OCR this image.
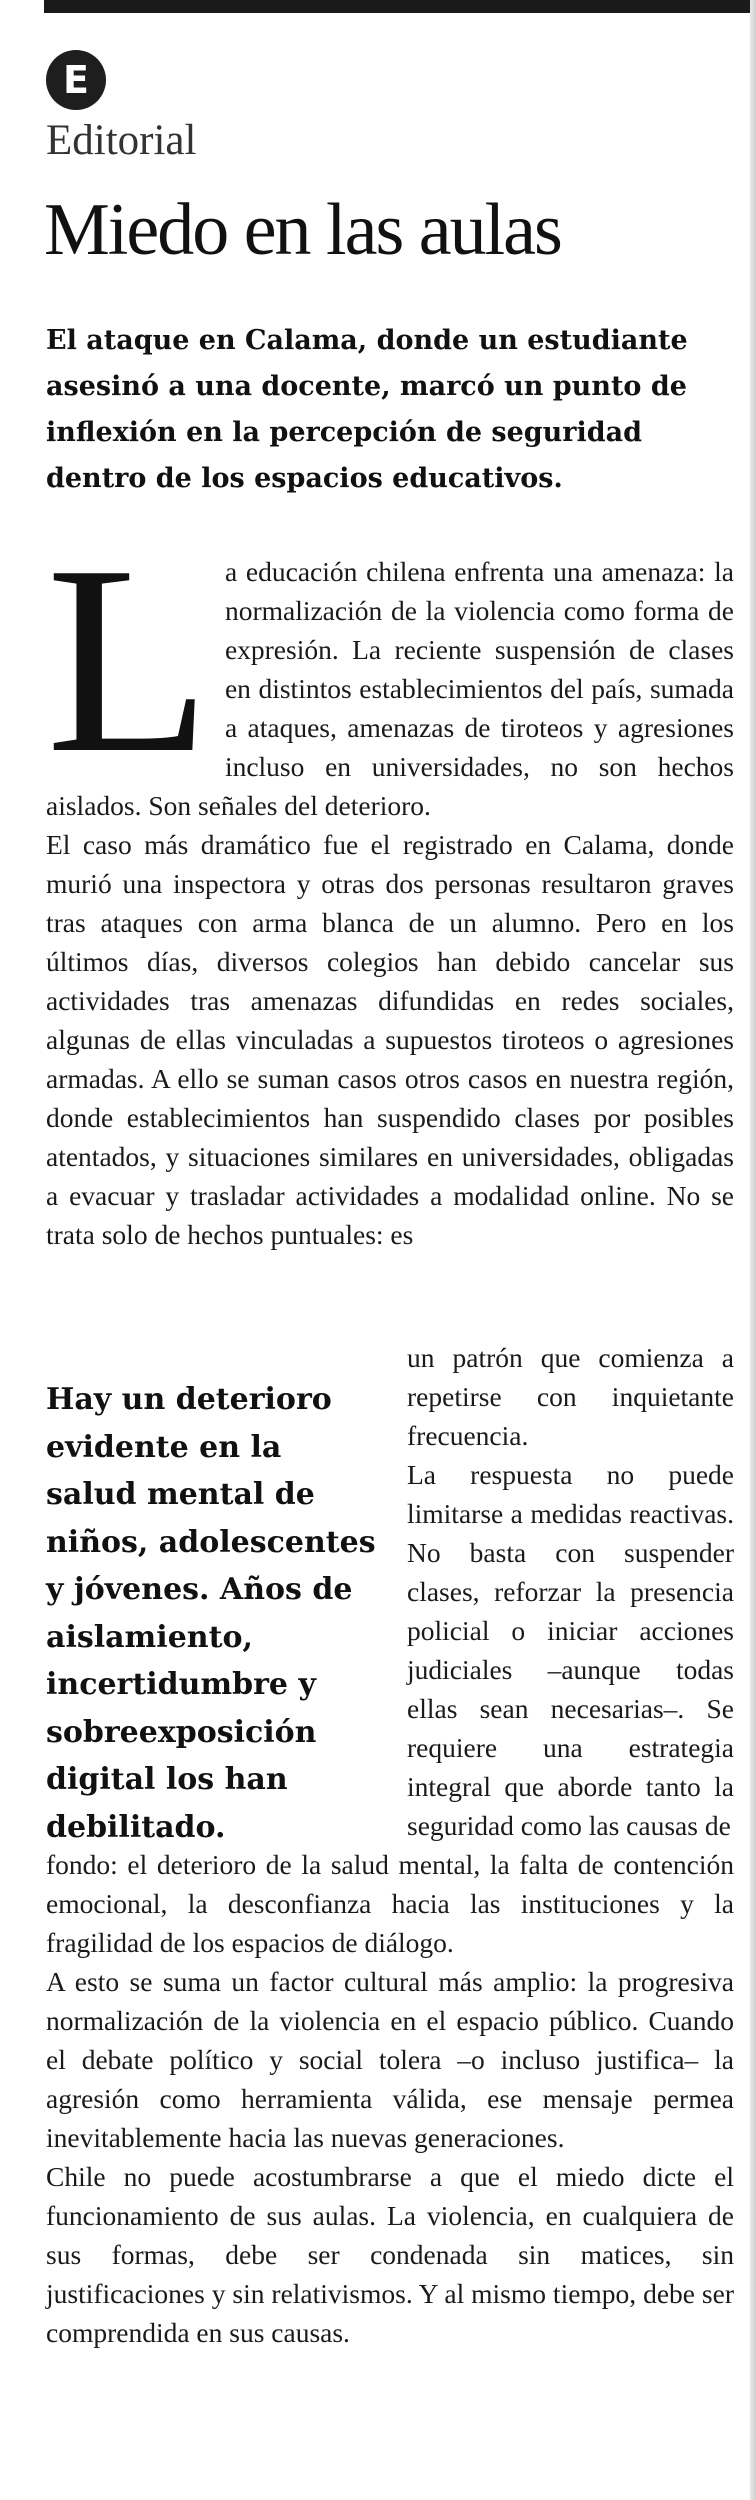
E
Editorial
Miedo en las aulas

El ataque en Calama, donde un estudiante asesinó a una docente, marcó un punto de inflexión en la percepción de seguridad dentro de los espacios educativos.

La educación chilena enfrenta una amenaza: la normalización de la violencia como forma de expresión. La reciente suspensión de clases en distintos establecimientos del país, sumada a ataques, amenazas de tiroteos y agresiones incluso en universidades, no son hechos aislados. Son señales del deterioro.

El caso más dramático fue el registrado en Calama, donde murió una inspectora y otras dos personas resultaron graves tras ataques con arma blanca de un alumno. Pero en los últimos días, diversos colegios han debido cancelar sus actividades tras amenazas difundidas en redes sociales, algunas de ellas vinculadas a supuestos tiroteos o agresiones armadas. A ello se suman casos otros casos en nuestra región, donde establecimientos han suspendido clases por posibles atentados, y situaciones similares en universidades, obligadas a evacuar y trasladar actividades a modalidad online. No se trata solo de hechos puntuales: es

Hay un deterioro evidente en la salud mental de niños, adolescentes y jóvenes. Años de aislamiento, incertidumbre y sobreexposición digital los han debilitado.

un patrón que comienza a repetirse con inquietante frecuencia.

La respuesta no puede limitarse a medidas reactivas. No basta con suspender clases, reforzar la presencia policial o iniciar acciones judiciales –aunque todas ellas sean necesarias–. Se requiere una estrategia integral que aborde tanto la seguridad como las causas de

fondo: el deterioro de la salud mental, la falta de contención emocional, la desconfianza hacia las instituciones y la fragilidad de los espacios de diálogo.

A esto se suma un factor cultural más amplio: la progresiva normalización de la violencia en el espacio público. Cuando el debate político y social tolera –o incluso justifica– la agresión como herramienta válida, ese mensaje permea inevitablemente hacia las nuevas generaciones.

Chile no puede acostumbrarse a que el miedo dicte el funcionamiento de sus aulas. La violencia, en cualquiera de sus formas, debe ser condenada sin matices, sin justificaciones y sin relativismos. Y al mismo tiempo, debe ser comprendida en sus causas.
